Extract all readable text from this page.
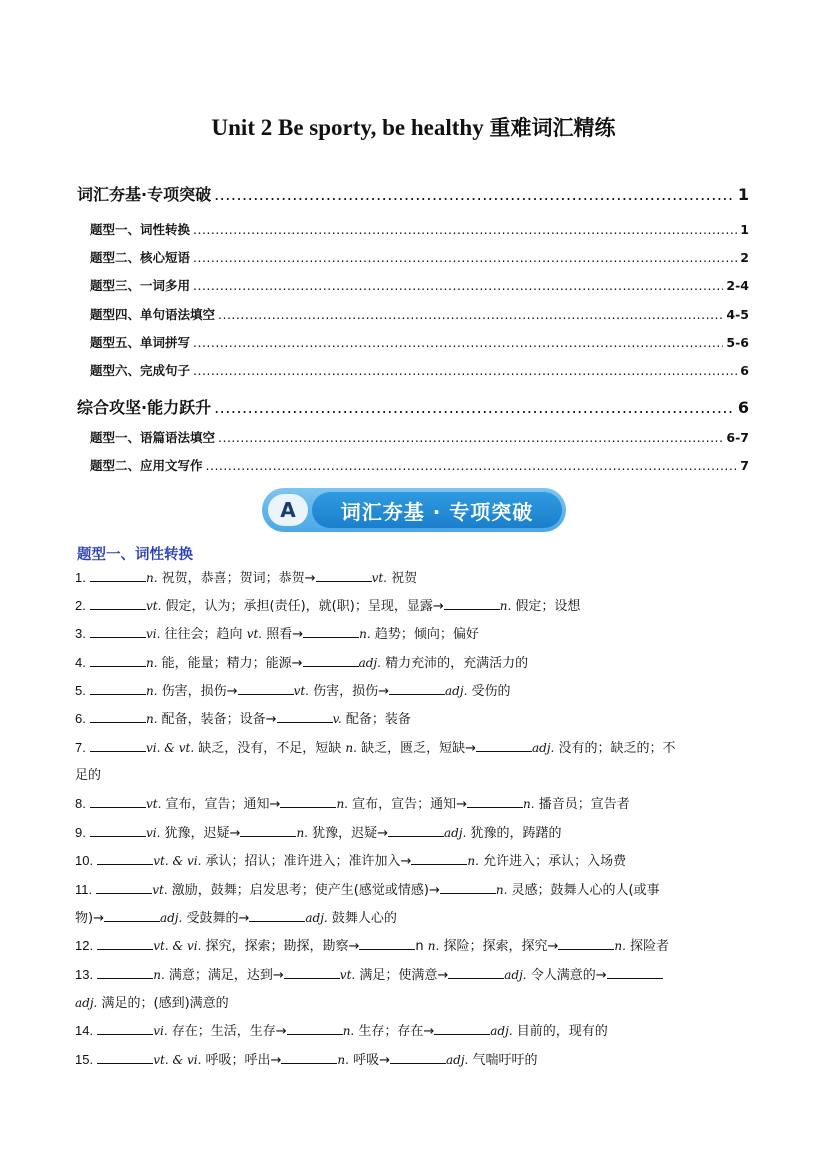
Unit 2 Be sporty, be healthy 重难词汇精练
词汇夯基·专项突破 .....	1
题型一、词性转换 .....	1
题型二、核心短语 .....	2
题型三、一词多用 .....	2-4
题型四、单句语法填空 .....	4-5
题型五、单词拼写 .....	5-6
题型六、完成句子 .....	6
综合攻坚·能力跃升 .....	6
题型一、语篇语法填空 .....	6-7
题型二、应用文写作 .....	7
A	词汇夯基 · 专项突破
题型一、词性转换
1.	n. 祝贺，恭喜；贺词；恭贺→	vt. 祝贺
2.	vt. 假定，认为；承担(责任)，就(职)；呈现，显露→	n. 假定；设想
3.	vi. 往往会；趋向 vt. 照看→	n. 趋势；倾向；偏好
4.	n. 能，能量；精力；能源→	adj. 精力充沛的，充满活力的
5.	n. 伤害，损伤→	vt. 伤害，损伤→	adj. 受伤的
6.	n. 配备，装备；设备→	v. 配备；装备
7.	vi. & vt. 缺乏，没有，不足，短缺 n. 缺乏，匮乏，短缺→	adj. 没有的；缺乏的；不
足的
8.	vt. 宣布，宣告；通知→	n. 宣布，宣告；通知→	n. 播音员；宣告者
9.	vi. 犹豫，迟疑→	n. 犹豫，迟疑→	adj. 犹豫的，踌躇的
10.	vt. & vi. 承认；招认；准许进入；准许加入→	n. 允许进入；承认；入场费
11.	vt. 激励，鼓舞；启发思考；使产生(感觉或情感)→	n. 灵感；鼓舞人心的人(或事
物)→	adj. 受鼓舞的→	adj. 鼓舞人心的
12.	vt. & vi. 探究，探索；勘探，勘察→	n n. 探险；探索，探究→	n. 探险者
13.	n. 满意；满足，达到→	vt. 满足；使满意→	adj. 令人满意的→
adj. 满足的；(感到)满意的
14.	vi. 存在；生活，生存→	n. 生存；存在→	adj. 目前的，现有的
15.	vt. & vi. 呼吸；呼出→	n. 呼吸→	adj. 气喘吁吁的
